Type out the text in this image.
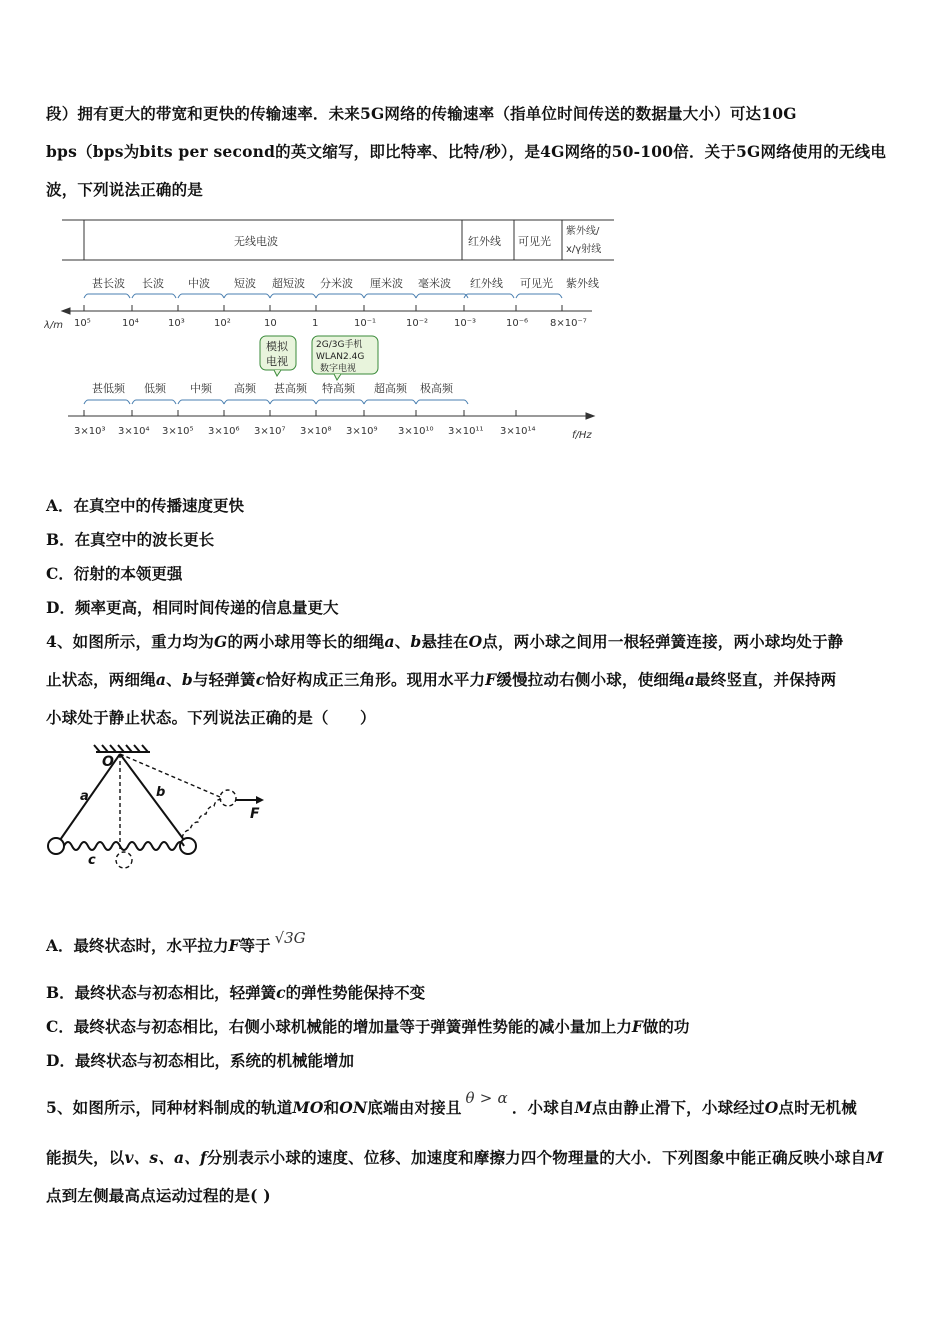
段）拥有更大的带宽和更快的传输速率．未来5G网络的传输速率（指单位时间传送的数据量大小）可达10G
bps（bps为bits per second的英文缩写，即比特率、比特/秒），是4G网络的50-100倍．关于5G网络使用的无线电
波，下列说法正确的是
无线电波	红外线 可见光
紫外线/
x/γ射线
甚长波 长波 中波 短波 超短波 分米波 厘米波 毫米波 红外线 可见光 紫外线
λ/m 10⁵	10⁴	10³	10²	10	1	10⁻¹	10⁻²	10⁻³	10⁻⁶ 8×10⁻⁷
模拟
电视
2G/3G手机
WLAN2.4G
数字电视
甚低频 低频 中频 高频 甚高频 特高频 超高频 极高频
3×10³ 3×10⁴ 3×10⁵ 3×10⁶ 3×10⁷ 3×10⁸ 3×10⁹ 3×10¹⁰ 3×10¹¹ 3×10¹⁴	f/Hz
A．在真空中的传播速度更快
B．在真空中的波长更长
C．衍射的本领更强
D．频率更高，相同时间传递的信息量更大
4、如图所示，重力均为G的两小球用等长的细绳a、b悬挂在O点，两小球之间用一根轻弹簧连接，两小球均处于静
止状态，两细绳a、b与轻弹簧c恰好构成正三角形。现用水平力F缓慢拉动右侧小球，使细绳a最终竖直，并保持两
小球处于静止状态。下列说法正确的是（　　）
O
a	b
c
F
A．最终状态时，水平拉力F等于 √3G
B．最终状态与初态相比，轻弹簧c的弹性势能保持不变
C．最终状态与初态相比，右侧小球机械能的增加量等于弹簧弹性势能的减小量加上力F做的功
D．最终状态与初态相比，系统的机械能增加
5、如图所示，同种材料制成的轨道MO和ON底端由对接且 θ > α ．小球自M点由静止滑下，小球经过O点时无机械
能损失，以v、s、a、f分别表示小球的速度、位移、加速度和摩擦力四个物理量的大小．下列图象中能正确反映小球自M
点到左侧最高点运动过程的是( )
